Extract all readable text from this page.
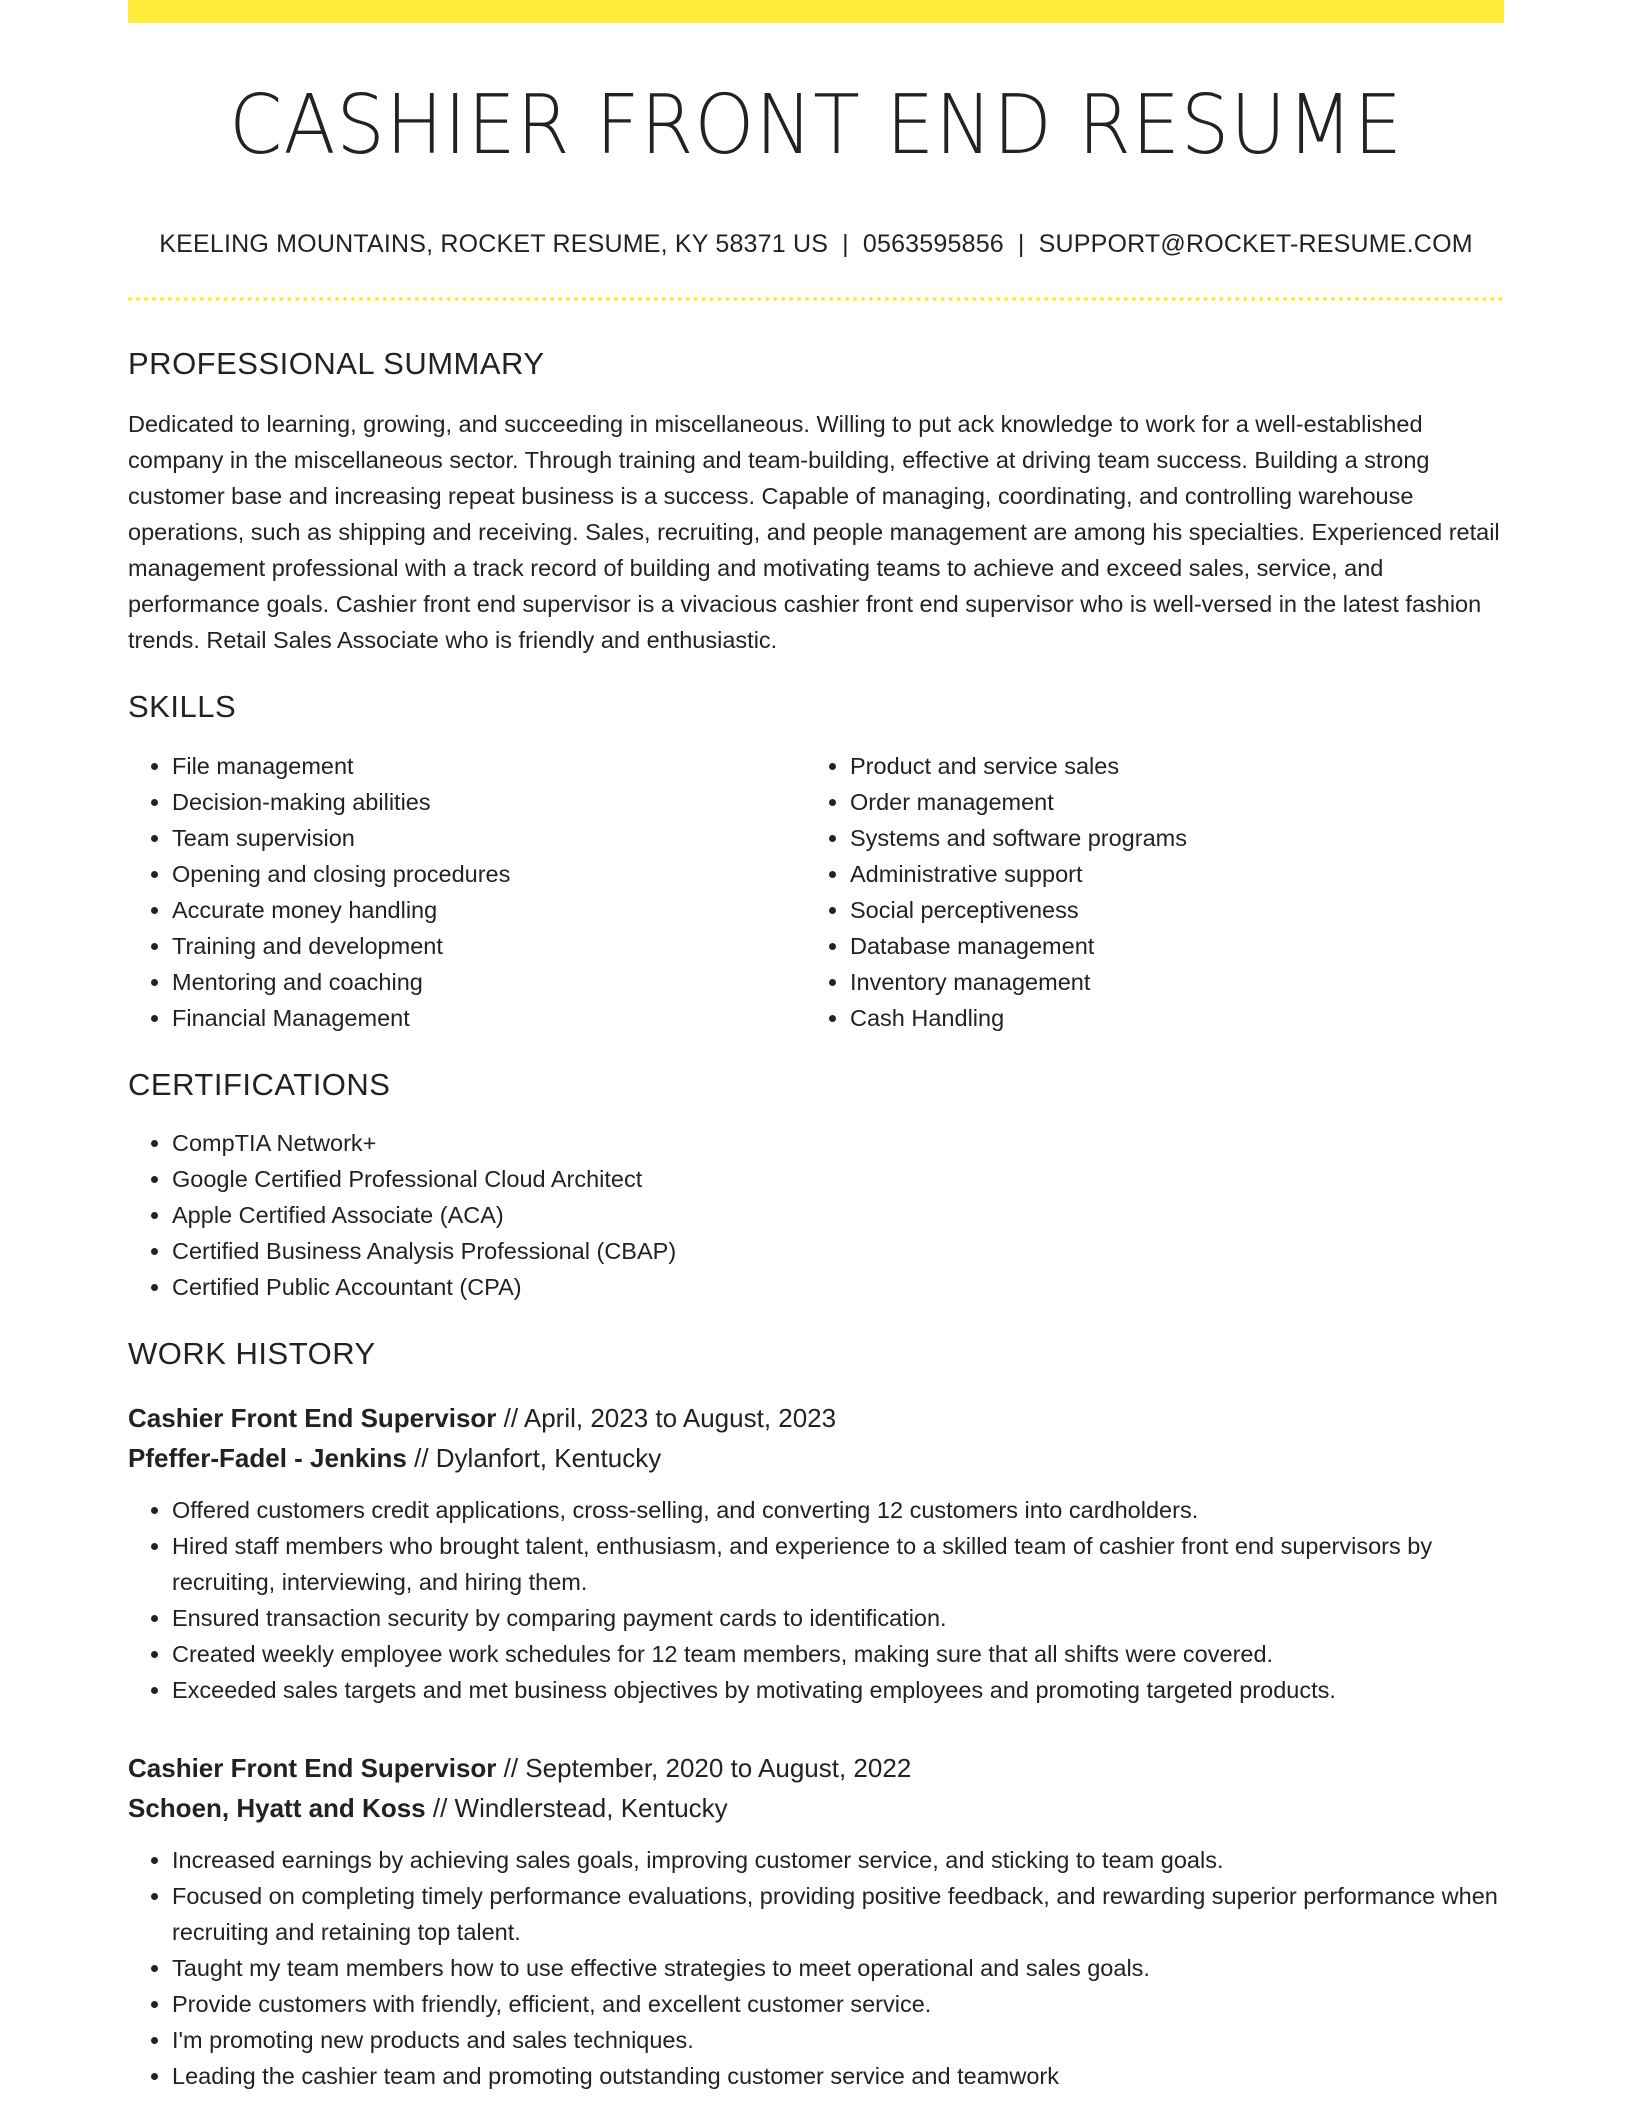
CASHIER FRONT END RESUME
KEELING MOUNTAINS, ROCKET RESUME, KY 58371 US | 0563595856 | SUPPORT@ROCKET-RESUME.COM
PROFESSIONAL SUMMARY

Dedicated to learning, growing, and succeeding in miscellaneous. Willing to put ack knowledge to work for a well-established company in the miscellaneous sector. Through training and team-building, effective at driving team success. Building a strong customer base and increasing repeat business is a success. Capable of managing, coordinating, and controlling warehouse operations, such as shipping and receiving. Sales, recruiting, and people management are among his specialties. Experienced retail management professional with a track record of building and motivating teams to achieve and exceed sales, service, and performance goals. Cashier front end supervisor is a vivacious cashier front end supervisor who is well-versed in the latest fashion trends. Retail Sales Associate who is friendly and enthusiastic.

SKILLS
• File management
• Decision-making abilities
• Team supervision
• Opening and closing procedures
• Accurate money handling
• Training and development
• Mentoring and coaching
• Financial Management
• Product and service sales
• Order management
• Systems and software programs
• Administrative support
• Social perceptiveness
• Database management
• Inventory management
• Cash Handling
CERTIFICATIONS
• CompTIA Network+
• Google Certified Professional Cloud Architect
• Apple Certified Associate (ACA)
• Certified Business Analysis Professional (CBAP)
• Certified Public Accountant (CPA)
WORK HISTORY
Cashier Front End Supervisor // April, 2023 to August, 2023
Pfeffer-Fadel - Jenkins // Dylanfort, Kentucky
• Offered customers credit applications, cross-selling, and converting 12 customers into cardholders.
• Hired staff members who brought talent, enthusiasm, and experience to a skilled team of cashier front end supervisors by recruiting, interviewing, and hiring them.
• Ensured transaction security by comparing payment cards to identification.
• Created weekly employee work schedules for 12 team members, making sure that all shifts were covered.
• Exceeded sales targets and met business objectives by motivating employees and promoting targeted products.
Cashier Front End Supervisor // September, 2020 to August, 2022
Schoen, Hyatt and Koss // Windlerstead, Kentucky
• Increased earnings by achieving sales goals, improving customer service, and sticking to team goals.
• Focused on completing timely performance evaluations, providing positive feedback, and rewarding superior performance when recruiting and retaining top talent.
• Taught my team members how to use effective strategies to meet operational and sales goals.
• Provide customers with friendly, efficient, and excellent customer service.
• I'm promoting new products and sales techniques.
• Leading the cashier team and promoting outstanding customer service and teamwork
